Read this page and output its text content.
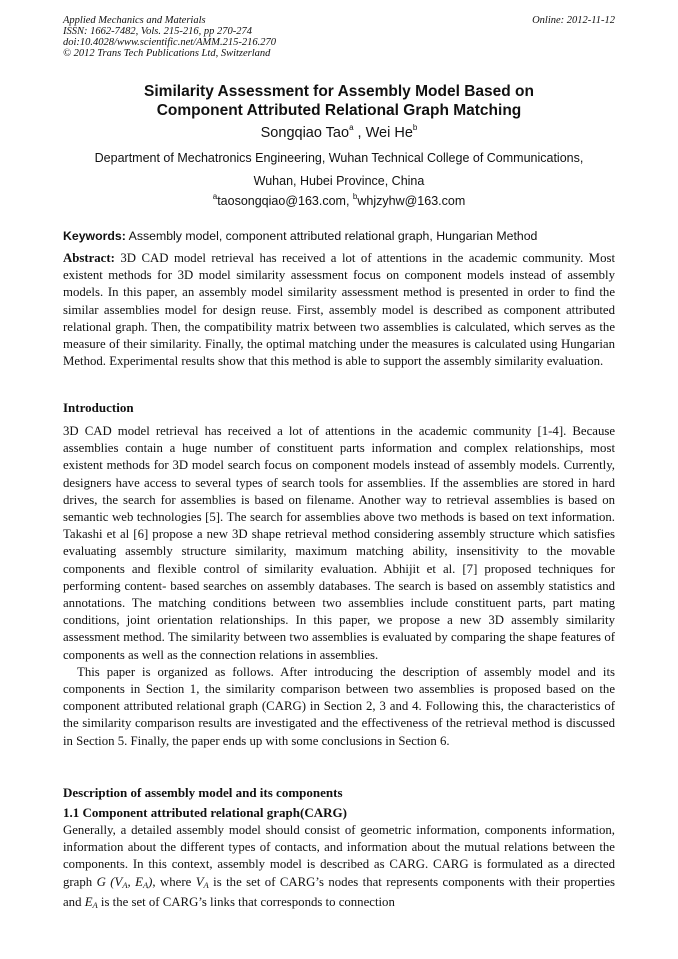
Applied Mechanics and Materials
ISSN: 1662-7482, Vols. 215-216, pp 270-274
doi:10.4028/www.scientific.net/AMM.215-216.270
© 2012 Trans Tech Publications Ltd, Switzerland
Online: 2012-11-12
Similarity Assessment for Assembly Model Based on
Component Attributed Relational Graph Matching
Songqiao Tao$^a$ , Wei He$^b$
Department of Mechatronics Engineering, Wuhan Technical College of Communications,
Wuhan, Hubei Province, China
$^a$taosongqiao@163.com, $^b$whjzyhw@163.com
Keywords: Assembly model, component attributed relational graph, Hungarian Method

Abstract: 3D CAD model retrieval has received a lot of attentions in the academic community. Most existent methods for 3D model similarity assessment focus on component models instead of assembly models. In this paper, an assembly model similarity assessment method is presented in order to find the similar assemblies model for design reuse. First, assembly model is described as component attributed relational graph. Then, the compatibility matrix between two assemblies is calculated, which serves as the measure of their similarity. Finally, the optimal matching under the measures is calculated using Hungarian Method. Experimental results show that this method is able to support the assembly similarity evaluation.

Introduction

3D CAD model retrieval has received a lot of attentions in the academic community [1-4]. Because assemblies contain a huge number of constituent parts information and complex relationships, most existent methods for 3D model search focus on component models instead of assembly models. Currently, designers have access to several types of search tools for assemblies. If the assemblies are stored in hard drives, the search for assemblies is based on filename. Another way to retrieval assemblies is based on semantic web technologies [5]. The search for assemblies above two methods is based on text information. Takashi et al [6] propose a new 3D shape retrieval method considering assembly structure which satisfies evaluating assembly structure similarity, maximum matching ability, insensitivity to the movable components and flexible control of similarity evaluation. Abhijit et al. [7] proposed techniques for performing content- based searches on assembly databases. The search is based on assembly statistics and annotations. The matching conditions between two assemblies include constituent parts, part mating conditions, joint orientation relationships. In this paper, we propose a new 3D assembly similarity assessment method. The similarity between two assemblies is evaluated by comparing the shape features of components as well as the connection relations in assemblies.

This paper is organized as follows. After introducing the description of assembly model and its components in Section 1, the similarity comparison between two assemblies is proposed based on the component attributed relational graph (CARG) in Section 2, 3 and 4. Following this, the characteristics of the similarity comparison results are investigated and the effectiveness of the retrieval method is discussed in Section 5. Finally, the paper ends up with some conclusions in Section 6.

Description of assembly model and its components
1.1 Component attributed relational graph(CARG)

Generally, a detailed assembly model should consist of geometric information, components information, information about the different types of contacts, and information about the mutual relations between the components. In this context, assembly model is described as CARG. CARG is formulated as a directed graph G ($V_A$, $E_A$), where $V_A$ is the set of CARG’s nodes that represents components with their properties and $E_A$ is the set of CARG’s links that corresponds to connection
